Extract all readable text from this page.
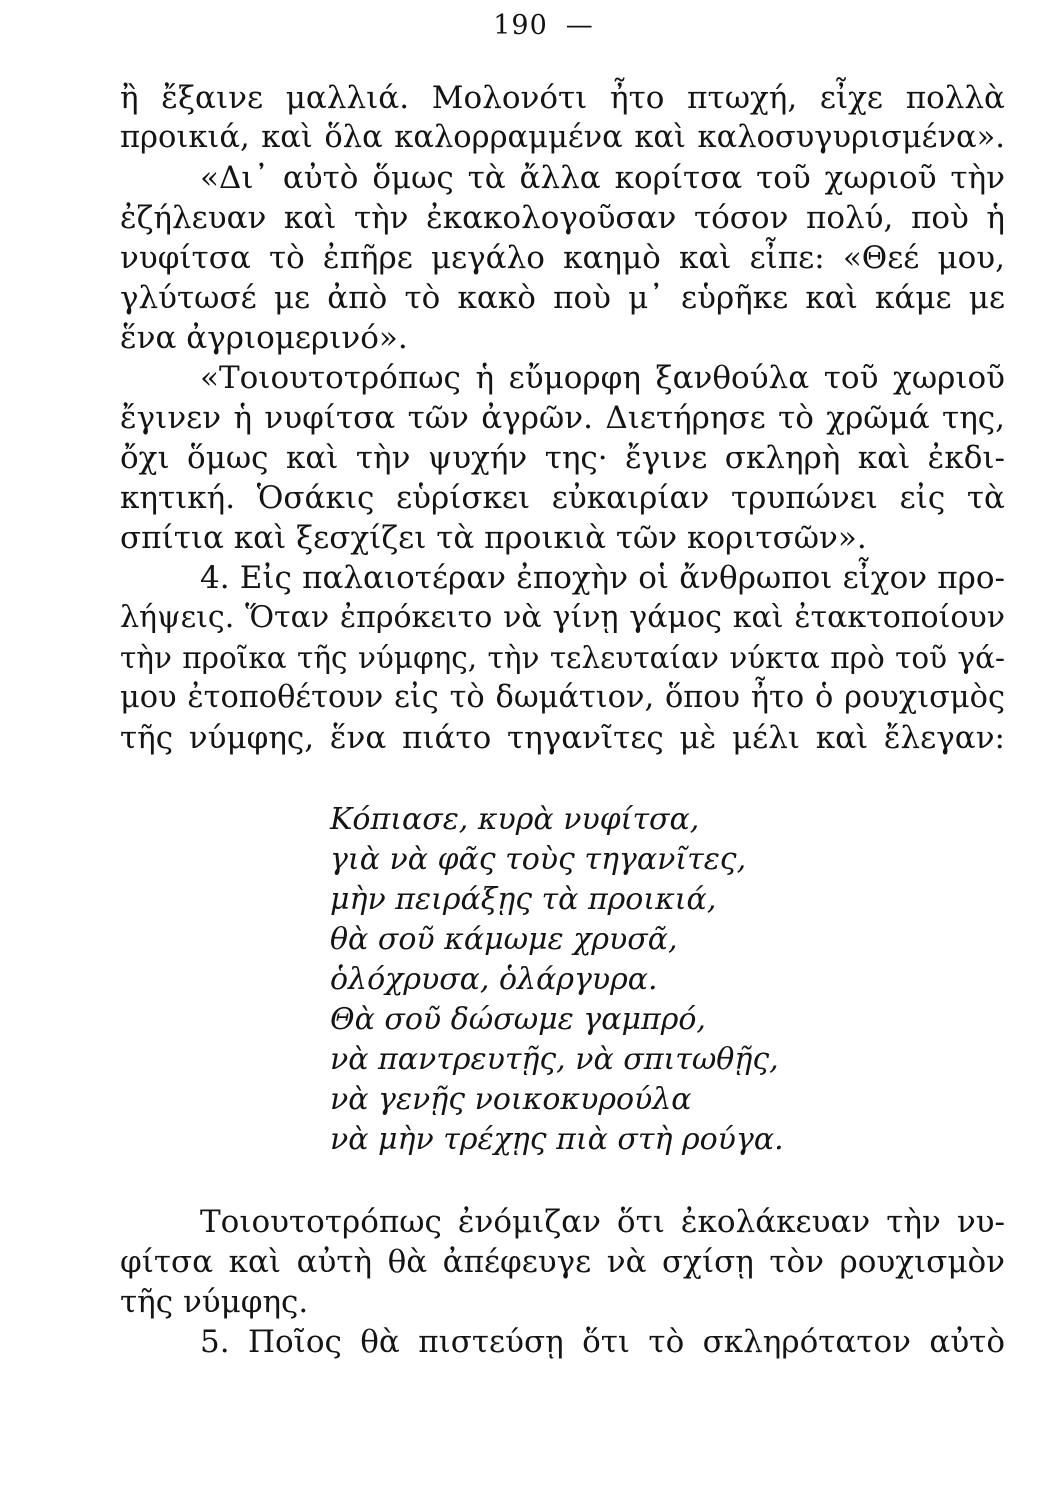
190 —
ἢ ἔξαινε μαλλιά. Μολονότι ἦτο πτωχή, εἶχε πολλὰ
προικιά, καὶ ὅλα καλορραμμένα καὶ καλοσυγυρισμένα».
«Δι᾽ αὐτὸ ὅμως τὰ ἄλλα κορίτσα τοῦ χωριοῦ τὴν
ἐζήλευαν καὶ τὴν ἐκακολογοῦσαν τόσον πολύ, ποὺ ἡ
νυφίτσα τὸ ἐπῆρε μεγάλο καημὸ καὶ εἶπε: «Θεέ μου,
γλύτωσέ με ἀπὸ τὸ κακὸ ποὺ μ᾽ εὑρῆκε καὶ κάμε με
ἕνα ἀγριομερινό».
«Τοιουτοτρόπως ἡ εὔμορφη ξανθούλα τοῦ χωριοῦ
ἔγινεν ἡ νυφίτσα τῶν ἀγρῶν. Διετήρησε τὸ χρῶμά της,
ὄχι ὅμως καὶ τὴν ψυχήν της· ἔγινε σκληρὴ καὶ ἐκδι-
κητική. Ὁσάκις εὑρίσκει εὐκαιρίαν τρυπώνει εἰς τὰ
σπίτια καὶ ξεσχίζει τὰ προικιὰ τῶν κοριτσῶν».
4. Εἰς παλαιοτέραν ἐποχὴν οἱ ἄνθρωποι εἶχον προ-
λήψεις. Ὅταν ἐπρόκειτο νὰ γίνῃ γάμος καὶ ἐτακτοποίουν
τὴν προῖκα τῆς νύμφης, τὴν τελευταίαν νύκτα πρὸ τοῦ γά-
μου ἐτοποθέτουν εἰς τὸ δωμάτιον, ὅπου ἦτο ὁ ρουχισμὸς
τῆς νύμφης, ἕνα πιάτο τηγανῖτες μὲ μέλι καὶ ἔλεγαν:
Κόπιασε, κυρὰ νυφίτσα,
γιὰ νὰ φᾶς τοὺς τηγανῖτες,
μὴν πειράξῃς τὰ προικιά,
θὰ σοῦ κάμωμε χρυσᾶ,
ὁλόχρυσα, ὁλάργυρα.
Θὰ σοῦ δώσωμε γαμπρό,
νὰ παντρευτῇς, νὰ σπιτωθῇς,
νὰ γενῇς νοικοκυρούλα
νὰ μὴν τρέχῃς πιὰ στὴ ρούγα.
Τοιουτοτρόπως ἐνόμιζαν ὅτι ἐκολάκευαν τὴν νυ-
φίτσα καὶ αὐτὴ θὰ ἀπέφευγε νὰ σχίσῃ τὸν ρουχισμὸν
τῆς νύμφης.
5. Ποῖος θὰ πιστεύσῃ ὅτι τὸ σκληρότατον αὐτὸ
